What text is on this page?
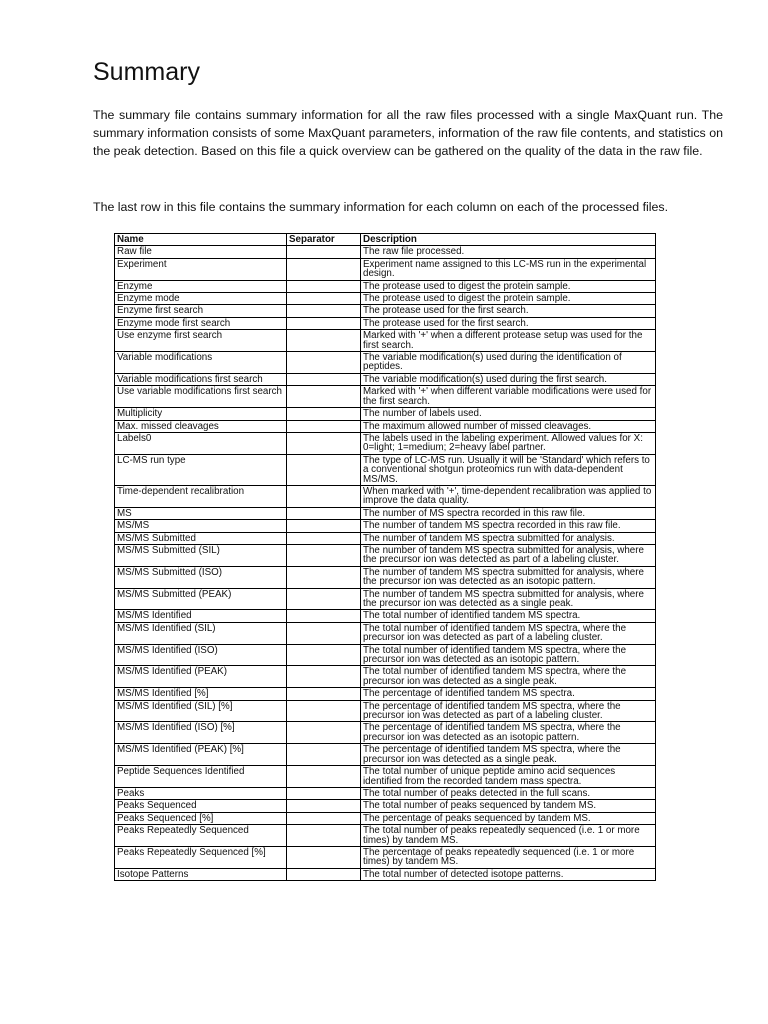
Summary

The summary file contains summary information for all the raw files processed with a single MaxQuant run. The summary information consists of some MaxQuant parameters, information of the raw file contents, and statistics on the peak detection. Based on this file a quick overview can be gathered on the quality of the data in the raw file.

The last row in this file contains the summary information for each column on each of the processed files.

Name	Separator	Description
Raw file		The raw file processed.
Experiment		Experiment name assigned to this LC-MS run in the experimental design.
Enzyme		The protease used to digest the protein sample.
Enzyme mode		The protease used to digest the protein sample.
Enzyme first search		The protease used for the first search.
Enzyme mode first search		The protease used for the first search.
Use enzyme first search		Marked with '+' when a different protease setup was used for the first search.
Variable modifications		The variable modification(s) used during the identification of peptides.
Variable modifications first search		The variable modification(s) used during the first search.
Use variable modifications first search		Marked with '+' when different variable modifications were used for the first search.
Multiplicity		The number of labels used.
Max. missed cleavages		The maximum allowed number of missed cleavages.
Labels0		The labels used in the labeling experiment. Allowed values for X: 0=light; 1=medium; 2=heavy label partner.
LC-MS run type		The type of LC-MS run. Usually it will be 'Standard' which refers to a conventional shotgun proteomics run with data-dependent MS/MS.
Time-dependent recalibration		When marked with '+', time-dependent recalibration was applied to improve the data quality.
MS		The number of MS spectra recorded in this raw file.
MS/MS		The number of tandem MS spectra recorded in this raw file.
MS/MS Submitted		The number of tandem MS spectra submitted for analysis.
MS/MS Submitted (SIL)		The number of tandem MS spectra submitted for analysis, where the precursor ion was detected as part of a labeling cluster.
MS/MS Submitted (ISO)		The number of tandem MS spectra submitted for analysis, where the precursor ion was detected as an isotopic pattern.
MS/MS Submitted (PEAK)		The number of tandem MS spectra submitted for analysis, where the precursor ion was detected as a single peak.
MS/MS Identified		The total number of identified tandem MS spectra.
MS/MS Identified (SIL)		The total number of identified tandem MS spectra, where the precursor ion was detected as part of a labeling cluster.
MS/MS Identified (ISO)		The total number of identified tandem MS spectra, where the precursor ion was detected as an isotopic pattern.
MS/MS Identified (PEAK)		The total number of identified tandem MS spectra, where the precursor ion was detected as a single peak.
MS/MS Identified [%]		The percentage of identified tandem MS spectra.
MS/MS Identified (SIL) [%]		The percentage of identified tandem MS spectra, where the precursor ion was detected as part of a labeling cluster.
MS/MS Identified (ISO) [%]		The percentage of identified tandem MS spectra, where the precursor ion was detected as an isotopic pattern.
MS/MS Identified (PEAK) [%]		The percentage of identified tandem MS spectra, where the precursor ion was detected as a single peak.
Peptide Sequences Identified		The total number of unique peptide amino acid sequences identified from the recorded tandem mass spectra.
Peaks		The total number of peaks detected in the full scans.
Peaks Sequenced		The total number of peaks sequenced by tandem MS.
Peaks Sequenced [%]		The percentage of peaks sequenced by tandem MS.
Peaks Repeatedly Sequenced		The total number of peaks repeatedly sequenced (i.e. 1 or more times) by tandem MS.
Peaks Repeatedly Sequenced [%]		The percentage of peaks repeatedly sequenced (i.e. 1 or more times) by tandem MS.
Isotope Patterns		The total number of detected isotope patterns.
